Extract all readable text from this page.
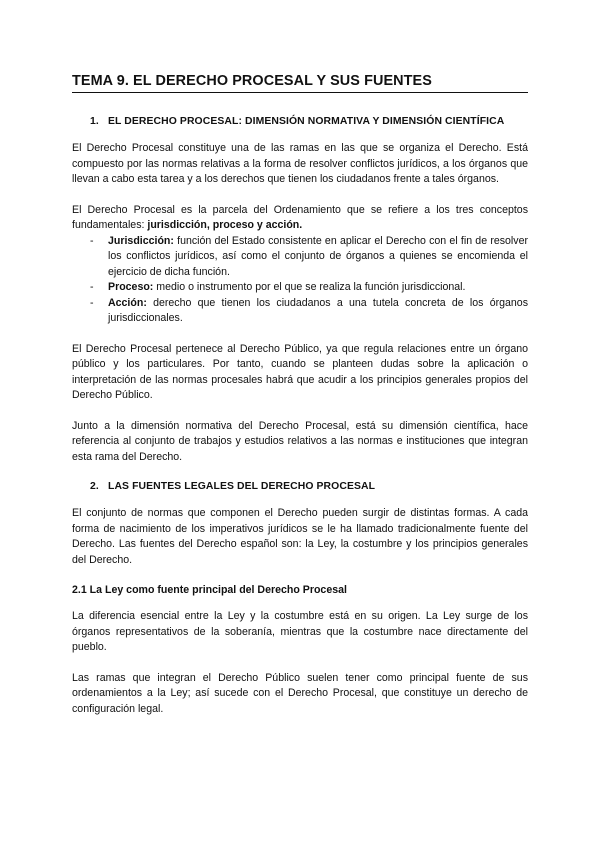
TEMA 9. EL DERECHO PROCESAL Y SUS FUENTES
1. EL DERECHO PROCESAL: DIMENSIÓN NORMATIVA Y DIMENSIÓN CIENTÍFICA

El Derecho Procesal constituye una de las ramas en las que se organiza el Derecho. Está compuesto por las normas relativas a la forma de resolver conflictos jurídicos, a los órganos que llevan a cabo esta tarea y a los derechos que tienen los ciudadanos frente a tales órganos.

El Derecho Procesal es la parcela del Ordenamiento que se refiere a los tres conceptos fundamentales: jurisdicción, proceso y acción.

- Jurisdicción: función del Estado consistente en aplicar el Derecho con el fin de resolver los conflictos jurídicos, así como el conjunto de órganos a quienes se encomienda el ejercicio de dicha función.
- Proceso: medio o instrumento por el que se realiza la función jurisdiccional.
- Acción: derecho que tienen los ciudadanos a una tutela concreta de los órganos jurisdiccionales.

El Derecho Procesal pertenece al Derecho Público, ya que regula relaciones entre un órgano público y los particulares. Por tanto, cuando se planteen dudas sobre la aplicación o interpretación de las normas procesales habrá que acudir a los principios generales propios del Derecho Público.

Junto a la dimensión normativa del Derecho Procesal, está su dimensión científica, hace referencia al conjunto de trabajos y estudios relativos a las normas e instituciones que integran esta rama del Derecho.

2. LAS FUENTES LEGALES DEL DERECHO PROCESAL

El conjunto de normas que componen el Derecho pueden surgir de distintas formas. A cada forma de nacimiento de los imperativos jurídicos se le ha llamado tradicionalmente fuente del Derecho. Las fuentes del Derecho español son: la Ley, la costumbre y los principios generales del Derecho.

2.1 La Ley como fuente principal del Derecho Procesal

La diferencia esencial entre la Ley y la costumbre está en su origen. La Ley surge de los órganos representativos de la soberanía, mientras que la costumbre nace directamente del pueblo.

Las ramas que integran el Derecho Público suelen tener como principal fuente de sus ordenamientos a la Ley; así sucede con el Derecho Procesal, que constituye un derecho de configuración legal.
